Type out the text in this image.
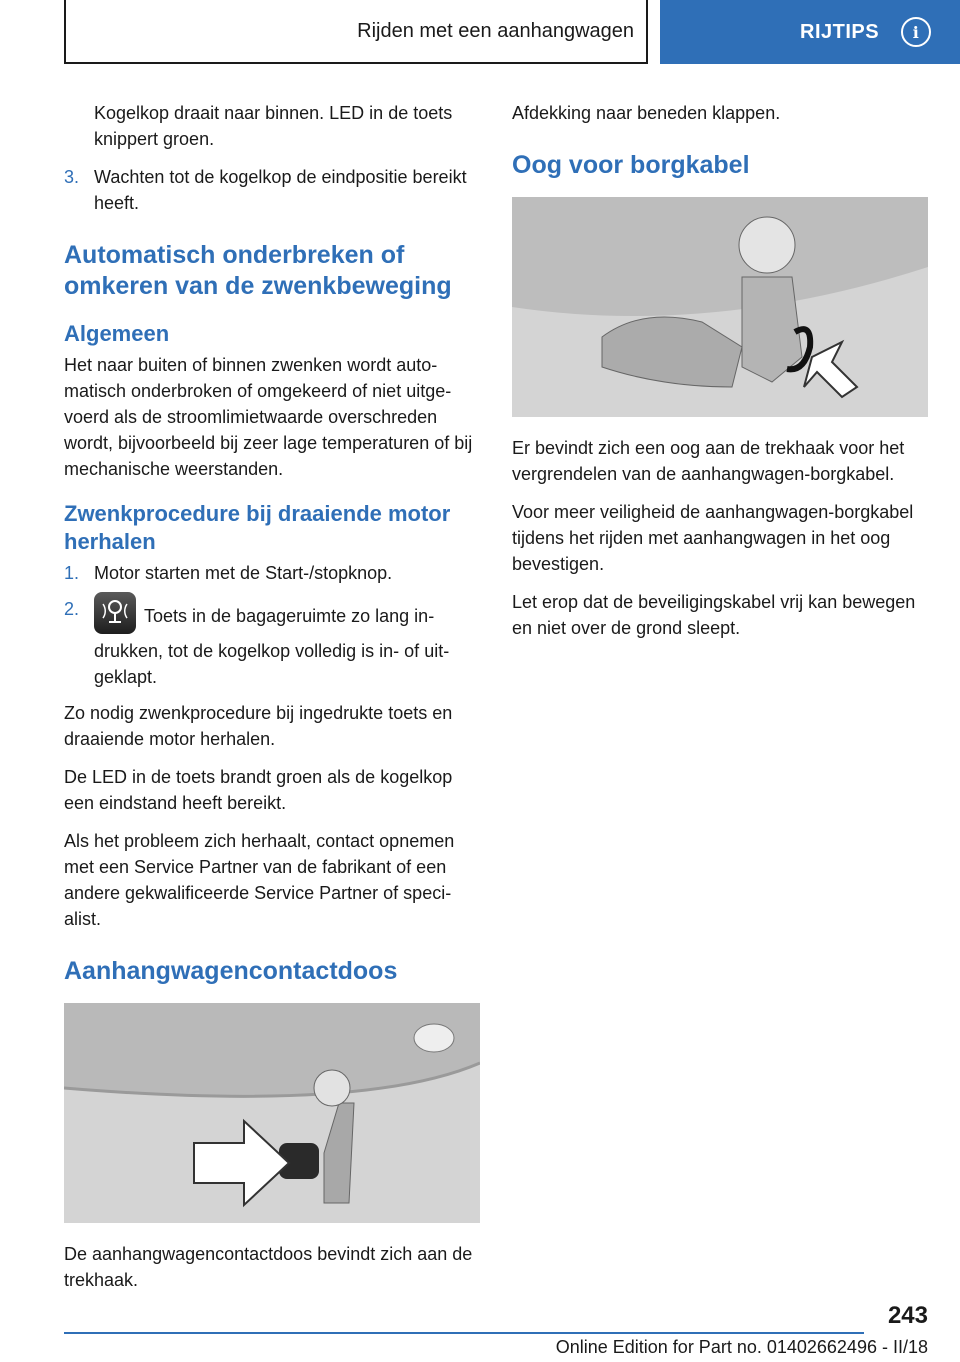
Rijden met een aanhangwagen	RIJTIPS	i

Kogelkop draait naar binnen. LED in de toets knippert groen.

3. Wachten tot de kogelkop de eindpositie bereikt heeft.
Automatisch onderbreken of omkeren van de zwenkbeweging
Algemeen

Het naar buiten of binnen zwenken wordt automatisch onderbroken of omgekeerd of niet uitgevoerd als de stroomlimietwaarde overschreden wordt, bijvoorbeeld bij zeer lage temperaturen of bij mechanische weerstanden.

Zwenkprocedure bij draaiende motor herhalen
1. Motor starten met de Start-/stopknop.
2.	Toets in de bagageruimte zo lang indrukken, tot de kogelkop volledig is in- of uitgeklapt.

Zo nodig zwenkprocedure bij ingedrukte toets en draaiende motor herhalen.

De LED in de toets brandt groen als de kogelkop een eindstand heeft bereikt.

Als het probleem zich herhaalt, contact opnemen met een Service Partner van de fabrikant of een andere gekwalificeerde Service Partner of specialist.

Aanhangwagencontactdoos

De aanhangwagencontactdoos bevindt zich aan de trekhaak.

Afdekking naar beneden klappen.

Oog voor borgkabel

Er bevindt zich een oog aan de trekhaak voor het vergrendelen van de aanhangwagen-borgkabel.

Voor meer veiligheid de aanhangwagen-borgkabel tijdens het rijden met aanhangwagen in het oog bevestigen.

Let erop dat de beveiligingskabel vrij kan bewegen en niet over de grond sleept.

243
Online Edition for Part no. 01402662496 - II/18
